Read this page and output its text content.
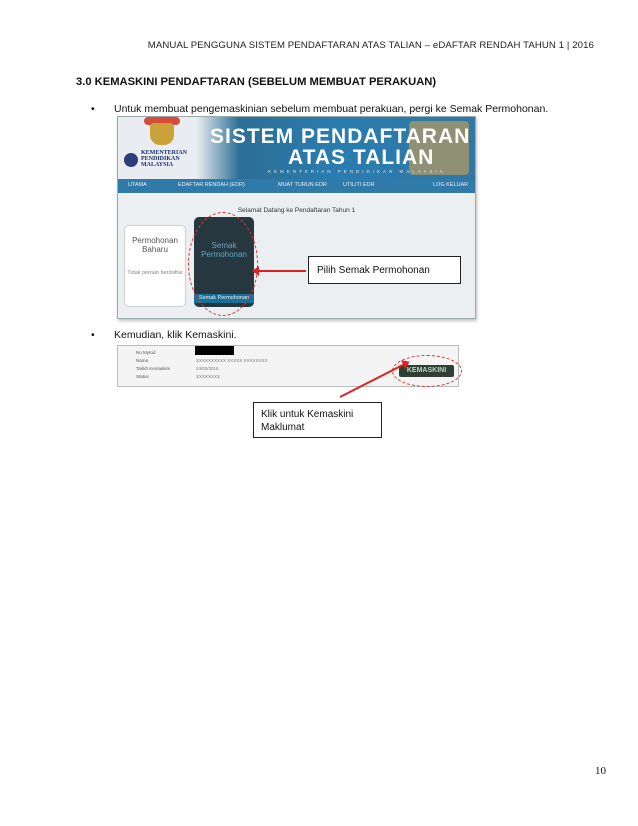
MANUAL PENGGUNA SISTEM PENDAFTARAN ATAS TALIAN – eDAFTAR RENDAH TAHUN 1 | 2016
3.0 KEMASKINI PENDAFTARAN (SEBELUM MEMBUAT PERAKUAN)
Untuk membuat pengemaskinian sebelum membuat perakuan, pergi ke Semak Permohonan.
KEMENTERIAN PENDIDIKAN MALAYSIA
SISTEM PENDAFTARAN
ATAS TALIAN
KEMENTERIAN PENDIDIKAN MALAYSIA
UTAMA	EDAFTAR RENDAH (EDR)	MUAT TURUN EDR	UTILITI EDR	LOG KELUAR
Selamat Datang ke Pendaftaran Tahun 1
Permohonan Baharu
Tidak pernah berdaftar
Semak Permohonan
Semak Permohonan
Pilih Semak Permohonan
Kemudian, klik Kemaskini.
No MyKid
Nama	XXXXXXXXXX XXXXX XXXXXXXX
Tarikh Kemaskini	24/02/2016
Status	XXXXXXXX
KEMASKINI
Klik untuk Kemaskini Maklumat
10
